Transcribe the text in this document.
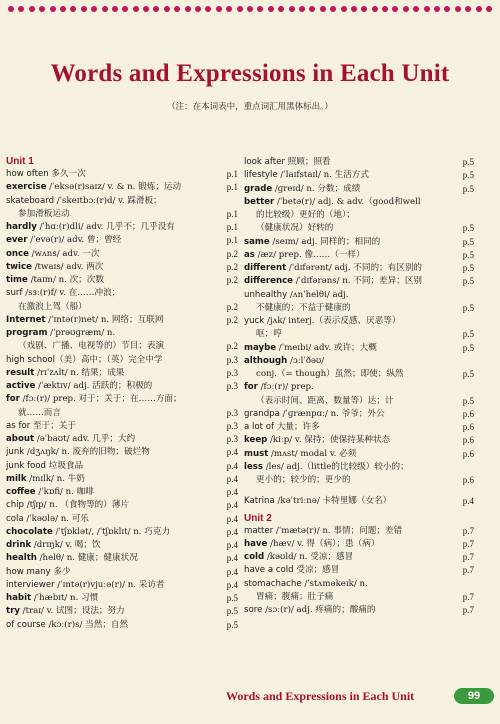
Words and Expressions in Each Unit
（注：在本词表中，重点词汇用黑体标出。）
Unit 1
how often 多久一次	p.1
exercise /ˈeksə(r)saɪz/ v. & n. 锻炼；运动	p.1
skateboard /ˈskeɪtbɔː(r)d/ v. 踩滑板；
参加滑板运动	p.1
hardly /ˈhɑː(r)dli/ adv. 几乎不；几乎没有	p.1
ever /ˈevə(r)/ adv. 曾；曾经	p.1
once /wʌns/ adv. 一次	p.2
twice /twaɪs/ adv. 两次	p.2
time /taɪm/ n. 次；次数	p.2
surf /sɜː(r)f/ v. 在……冲浪；
在激浪上驾（船）	p.2
Internet /ˈɪntə(r)net/ n. 网络；互联网	p.2
program /ˈprəʊɡræm/ n.
（戏剧、广播、电视等的）节目；表演	p.2
high school（美）高中；（英）完全中学	p.3
result /rɪˈzʌlt/ n. 结果；成果	p.3
active /ˈæktɪv/ adj. 活跃的；积极的	p.3
for /fɔː(r)/ prep. 对于；关于；在……方面；
就……而言	p.3
as for 至于；关于	p.3
about /əˈbaʊt/ adv. 几乎；大约	p.3
junk /dʒʌŋk/ n. 废弃的旧物；破烂物	p.4
junk food 垃圾食品	p.4
milk /mɪlk/ n. 牛奶	p.4
coffee /ˈkɒfi/ n. 咖啡	p.4
chip /tʃɪp/ n. （食物等的）薄片	p.4
cola /ˈkəʊlə/ n. 可乐	p.4
chocolate /ˈtʃɒklət/, /ˈtʃɒklɪt/ n. 巧克力	p.4
drink /drɪŋk/ v. 喝；饮	p.4
health /helθ/ n. 健康；健康状况	p.4
how many 多少	p.4
interviewer /ˈɪntə(r)vjuːə(r)/ n. 采访者	p.4
habit /ˈhæbɪt/ n. 习惯	p.5
try /traɪ/ v. 试图；设法；努力	p.5
of course /kɔː(r)s/ 当然；自然	p.5
look after 照顾；照看	p.5
lifestyle /ˈlaɪfstaɪl/ n. 生活方式	p.5
grade /ɡreɪd/ n. 分数；成绩	p.5
better /ˈbetə(r)/ adj. & adv.（good和well
的比较级）更好的（地）；
（健康状况）好转的	p.5
same /seɪm/ adj. 同样的；相同的	p.5
as /æz/ prep. 像……（一样）	p.5
different /ˈdɪfərənt/ adj. 不同的；有区别的	p.5
difference /ˈdɪfərəns/ n. 不同；差异；区别	p.5
unhealthy /ʌnˈhelθi/ adj.
不健康的；不益于健康的	p.5
yuck /jʌk/ interj.（表示反感、厌恶等）
呕；哼	p.5
maybe /ˈmeɪbi/ adv. 或许；大概	p.5
although /ɔːlˈðəʊ/
conj.（= though）虽然；即使；纵然	p.5
for /fɔː(r)/ prep.
（表示时间、距离、数量等）达；计	p.5
grandpa /ˈɡrænpɑː/ n. 爷爷；外公	p.6
a lot of 大量；许多	p.6
keep /kiːp/ v. 保持；使保持某种状态	p.6
must /mʌst/ modal v. 必须	p.6
less /les/ adj.（little的比较级）较小的；
更小的；较少的；更少的	p.6
Katrina /kəˈtriːnə/ 卡特里娜（女名）	p.4
Unit 2
matter /ˈmætə(r)/ n. 事情；问题；差错	p.7
have /hæv/ v. 得（病）；患（病）	p.7
cold /kəʊld/ n. 受凉；感冒	p.7
have a cold 受凉；感冒	p.7
stomachache /ˈstʌməkeɪk/ n.
胃痛；腹痛；肚子痛	p.7
sore /sɔː(r)/ adj. 疼痛的；酸痛的	p.7
Words and Expressions in Each Unit	99
